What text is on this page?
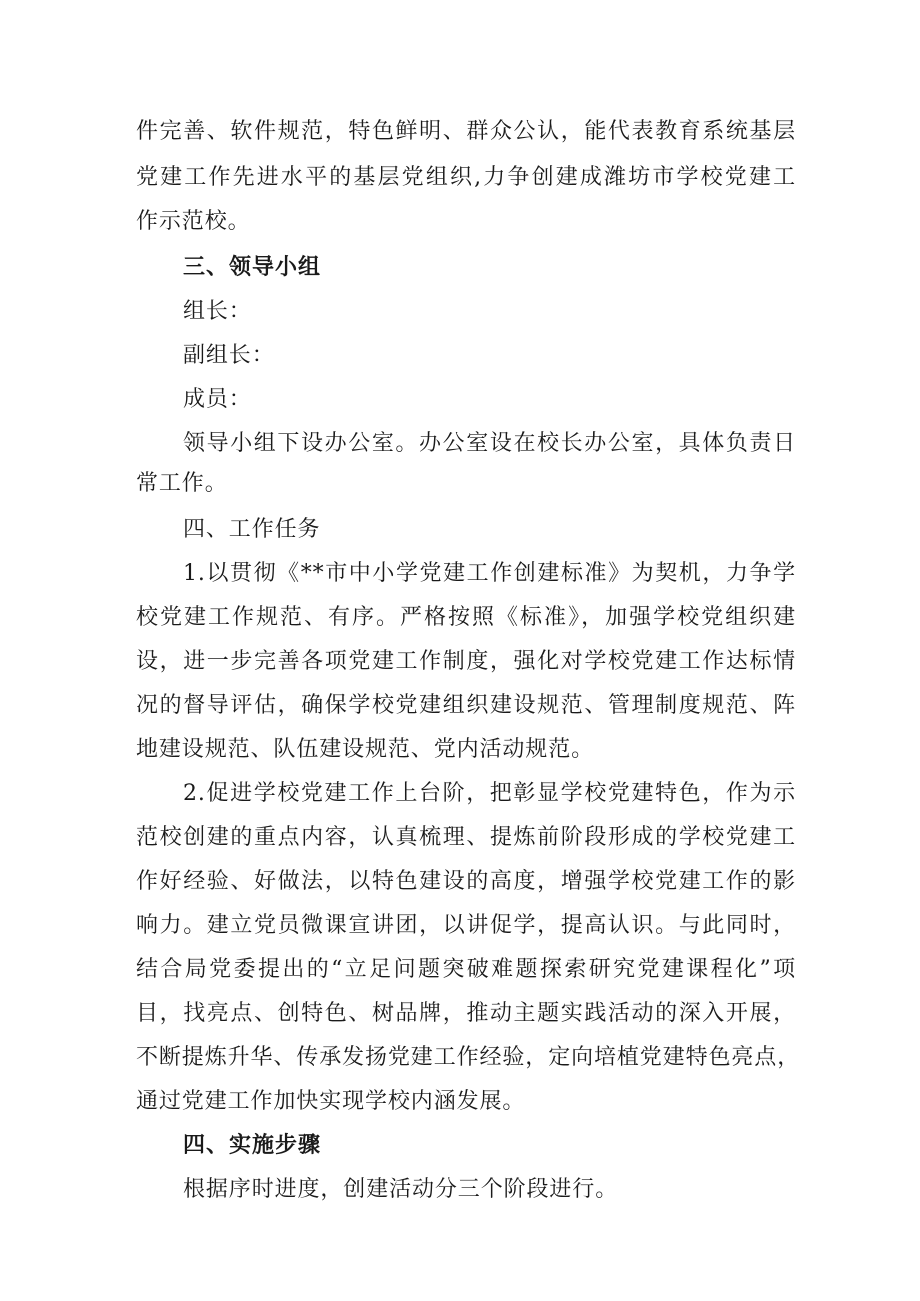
件完善、软件规范，特色鲜明、群众公认，能代表教育系统基层
党建工作先进水平的基层党组织,力争创建成潍坊市学校党建工
作示范校。
三、领导小组
组长：
副组长：
成员：
领导小组下设办公室。办公室设在校长办公室，具体负责日
常工作。
四、工作任务
1.以贯彻《**市中小学党建工作创建标准》为契机，力争学
校党建工作规范、有序。严格按照《标准》，加强学校党组织建
设，进一步完善各项党建工作制度，强化对学校党建工作达标情
况的督导评估，确保学校党建组织建设规范、管理制度规范、阵
地建设规范、队伍建设规范、党内活动规范。
2.促进学校党建工作上台阶，把彰显学校党建特色，作为示
范校创建的重点内容，认真梳理、提炼前阶段形成的学校党建工
作好经验、好做法，以特色建设的高度，增强学校党建工作的影
响力。建立党员微课宣讲团，以讲促学，提高认识。与此同时，
结合局党委提出的“立足问题突破难题探索研究党建课程化”项
目，找亮点、创特色、树品牌，推动主题实践活动的深入开展，
不断提炼升华、传承发扬党建工作经验，定向培植党建特色亮点，
通过党建工作加快实现学校内涵发展。
四、实施步骤
根据序时进度，创建活动分三个阶段进行。
